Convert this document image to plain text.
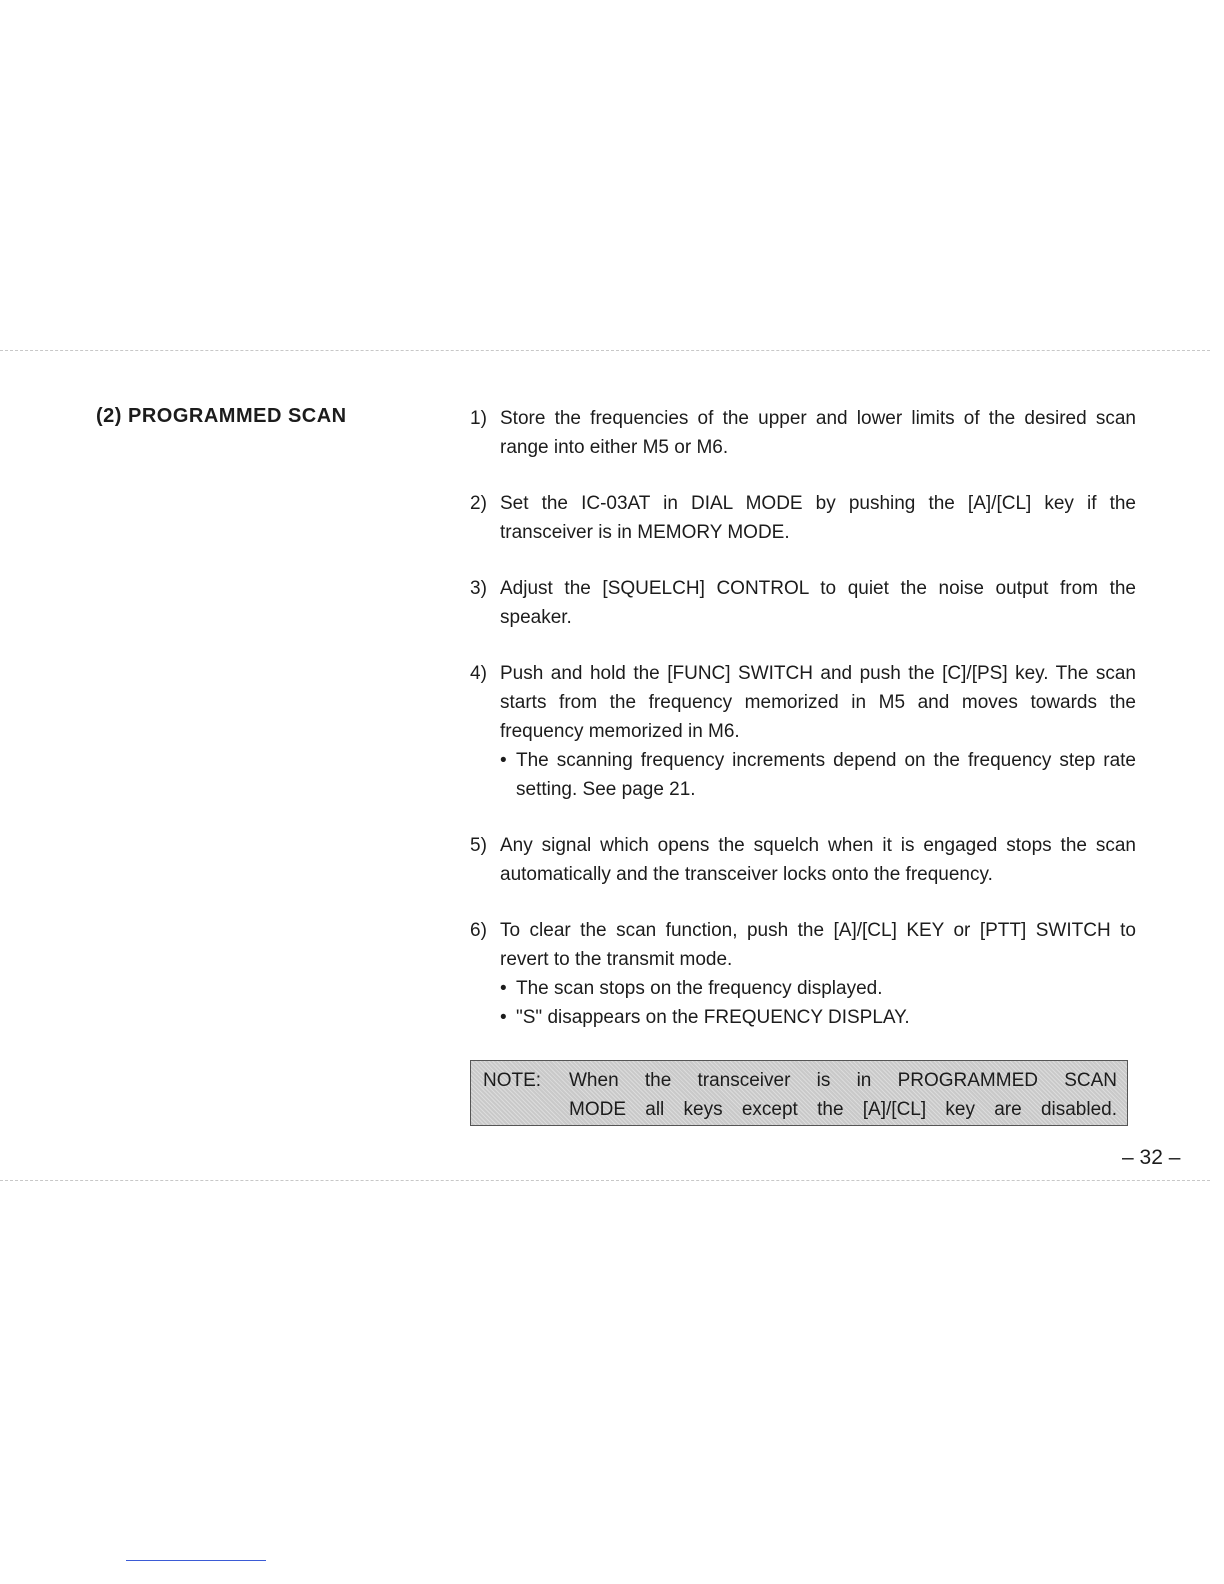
(2) PROGRAMMED SCAN	1) Store the frequencies of the upper and lower limits of the desired scan range into either M5 or M6.
2) Set the IC-03AT in DIAL MODE by pushing the [A]/[CL] key if the transceiver is in MEMORY MODE.
3) Adjust the [SQUELCH] CONTROL to quiet the noise output from the speaker.
4) Push and hold the [FUNC] SWITCH and push the [C]/[PS] key. The scan starts from the frequency memorized in M5 and moves towards the frequency memorized in M6.
• The scanning frequency increments depend on the frequency step rate setting. See page 21.
5) Any signal which opens the squelch when it is engaged stops the scan automatically and the transceiver locks onto the frequency.
6) To clear the scan function, push the [A]/[CL] KEY or [PTT] SWITCH to revert to the transmit mode.
• The scan stops on the frequency displayed.
• "S" disappears on the FREQUENCY DISPLAY.
NOTE: When the transceiver is in PROGRAMMED SCAN
MODE all keys except the [A]/[CL] key are disabled.
– 32 –
